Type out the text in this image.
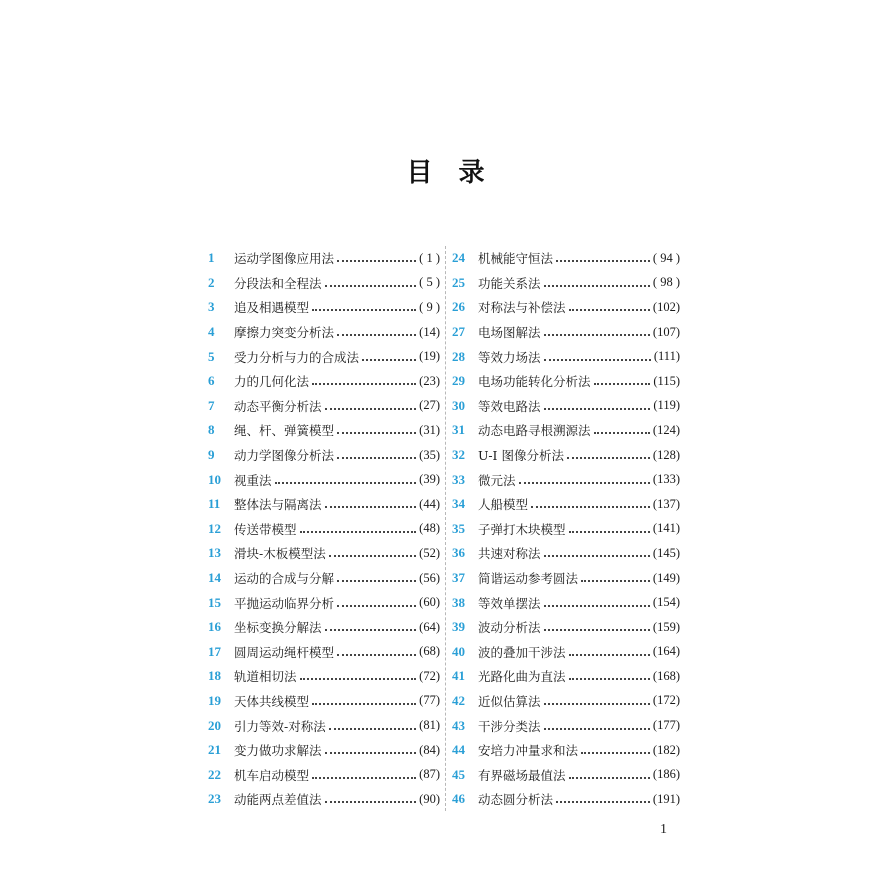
目录
1	运动学图像应用法	( 1 )
2	分段法和全程法	( 5 )
3	追及相遇模型	( 9 )
4	摩擦力突变分析法	(14)
5	受力分析与力的合成法	(19)
6	力的几何化法	(23)
7	动态平衡分析法	(27)
8	绳、杆、弹簧模型	(31)
9	动力学图像分析法	(35)
10	视重法	(39)
11	整体法与隔离法	(44)
12	传送带模型	(48)
13	滑块-木板模型法	(52)
14	运动的合成与分解	(56)
15	平抛运动临界分析	(60)
16	坐标变换分解法	(64)
17	圆周运动绳杆模型	(68)
18	轨道相切法	(72)
19	天体共线模型	(77)
20	引力等效-对称法	(81)
21	变力做功求解法	(84)
22	机车启动模型	(87)
23	动能两点差值法	(90)
24	机械能守恒法	( 94 )
25	功能关系法	( 98 )
26	对称法与补偿法	(102)
27	电场图解法	(107)
28	等效力场法	(111)
29	电场功能转化分析法	(115)
30	等效电路法	(119)
31	动态电路寻根溯源法	(124)
32	U-I 图像分析法	(128)
33	微元法	(133)
34	人船模型	(137)
35	子弹打木块模型	(141)
36	共速对称法	(145)
37	简谐运动参考圆法	(149)
38	等效单摆法	(154)
39	波动分析法	(159)
40	波的叠加干涉法	(164)
41	光路化曲为直法	(168)
42	近似估算法	(172)
43	干涉分类法	(177)
44	安培力冲量求和法	(182)
45	有界磁场最值法	(186)
46	动态圆分析法	(191)
1
